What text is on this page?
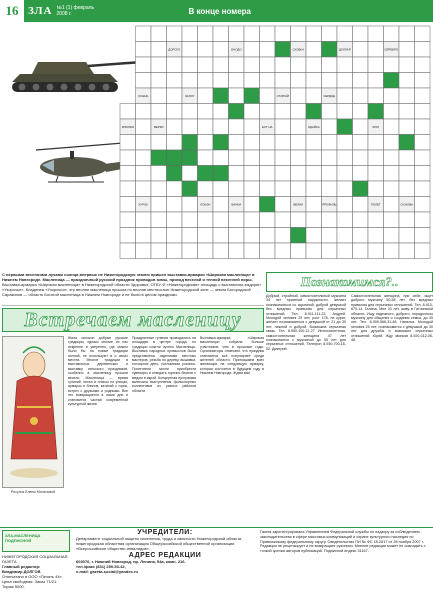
16 ЗЛА №1 (1) февраль 2008 г.	В конце номера
ДОРОГО	ОНОДО	СКОБКА	ДОЛЛАР	СЕРЕБРО
ОСЕНЬ	ЗАЛОГ	СТАРЫЙ	СЕРДЦЕ
КРЫЛЬЯ	ВЕРКИ	ЕСТ НА	ОДАЙКА	ЗЛАТ
КУРОК	ЛОКОН	БАНКИ	ВЕЛИК	ПРОФИЛЬ	ПОЛЕТ	ОСНОВА
С первыми весенними лучами солнца впервые не Нижегородскую землю пришел выставки-ярмарки «Широкая масленица» в Нижнем Новгороде. Масленица — праздничный русский праздник проводов зимы, приход веселой и теплой весенней поры. Выставка-ярмарка «Широкая масленица» в Нижегородской области Здоровье, ОГБУ-Ф «Нижегородская» площадь с выставочно-юкдорин «Узорочье», Кладинеж «Узорочья», эту вполне масленица прошла по вполне местностью Нижегородской зоне — земли Богородской Саракинов — область Богатой масленица в Нижнем Новгороде и не были в целом праздники.
Встречаем масленицу
Рисунок Елены Моченовой
Жили испокон добрые русские традиции, однако многие из нас искренне и уверенно, где можно было бы на новые традиции полной, не используют в и своих местах. Многие традиции в выставочных деревенских и выставку сельского праздников, особенно в масленицу прошли весело. Масленица — время гуляний, песен и плясок на улицах, ярмарок и блинов, катаний с горок, встреч с друзьями и родными. Все это возвращается в наши дни и становится частью современной культурной жизни.
Праздничные гуляния проводились на площадях в центре города, по традиции сожгли чучело Масленицы. Выставка народных промыслов была представлена изделиями местных мастеров: резьба по дереву, вышивка, гончарное дело, хохломская роспись. Посетители могли приобрести сувениры и отведать горячих блинов с медом и икрой. Концертная программа включала выступления фольклорных коллективов из разных районов области.
Выставка-ярмарка «Широкая масленица» собрала больше участников, чем в прошлые годы. Организаторы отмечают, что праздник становится всё популярнее среди жителей области. Приглашаем всех желающих на следующую ярмарку, которая состоится в будущем году в Нижнем Новгороде. Ждем вас!
Познакомимся?..
Добрый, стройный, самостоятельный мужчина 34 лет приятной наружности, желает познакомиться со скромной, доброй девушкой без вредных привычек для серьезных отношений. Тел. 8-911-111-23. Андрей. Молодой человек 29 лет, рост 178, не курит, желает познакомиться с девушкой от 21 до 30 лет, нежной и доброй. Возможна серьезная связь. Тел. 8-950-100-12-27. Интеллигентная, самостоятельная женщина 47 лет познакомится с мужчиной до 55 лет для серьезных отношений. Телефон 8-930-700-16-02. Дмитрий.
Самостоятельная женщина, при себе, ищет доброго мужчину 50-58 лет, без вредных привычек для серьезных отношений. Тел. 8-910-870-14. Галина. Мне 33 лет, живу в Гатчинской области. Ищу надежного, доброго, порядочного мужчину для общения и создания семьи, до 45 лет. Тел. 8-909-566-31-48. Наталья. Молодой человек 25 лет, познакомится с девушкой до 30 лет для дружбы и возможно серьезных отношений. Юрий. Жду звонков 8-920-012-08-48.
ЗЛА-МАСЛЕНИЦА ПОДПИСНОЙ
НИЖЕГОРОДСКАЯ СОЦИАЛЬНАЯ ГАЗЕТА
Главный редактор:
Владимир ДОЛГОВ
Отпечатано в ООО «Печать 44». Цена свободная. Заказ 71/21. Тираж 5000.
УЧРЕДИТЕЛИ:
Департамент социальной защиты населения, труда и занятости Нижегородской области, нижегородская областная организация Общероссийской общественной организации «Всероссийское общество инвалидов».
АДРЕС РЕДАКЦИИ
603076, г. Нижний Новгород, пр. Ленина, 54а, комн. 216.
тел./факс (831) 250-53-42,
e-mail: gazeta-social@yandex.ru
Газета зарегистрирована Управлением Федеральной службы по надзору за соблюдением законодательства в сфере массовых коммуникаций и охране культурного наследия по Приволжскому федеральному округу. Свидетельство ПИ № ФС 18-2617 от 28 ноября 2007 г. Редакция не рецензирует и не возвращает рукописи. Мнение редакции может не совпадать с точкой зрения авторов публикаций. Подписной индекс 31167.
